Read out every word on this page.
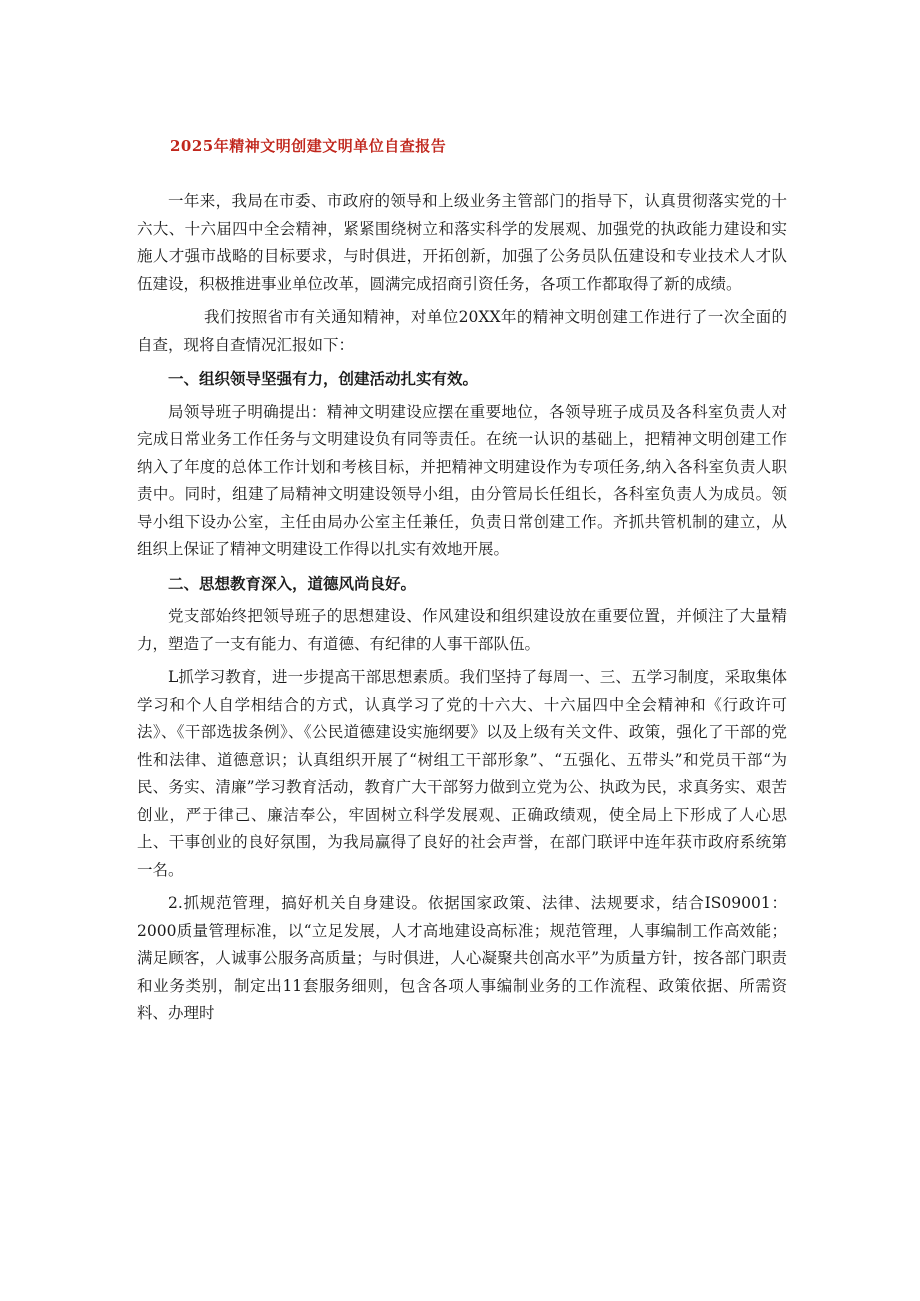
2025年精神文明创建文明单位自查报告

一年来，我局在市委、市政府的领导和上级业务主管部门的指导下，认真贯彻落实党的十六大、十六届四中全会精神，紧紧围绕树立和落实科学的发展观、加强党的执政能力建设和实施人才强市战略的目标要求，与时俱进，开拓创新，加强了公务员队伍建设和专业技术人才队伍建设，积极推进事业单位改革，圆满完成招商引资任务，各项工作都取得了新的成绩。

我们按照省市有关通知精神，对单位20XX年的精神文明创建工作进行了一次全面的自查，现将自查情况汇报如下：

一、组织领导坚强有力，创建活动扎实有效。

局领导班子明确提出：精神文明建设应摆在重要地位，各领导班子成员及各科室负责人对完成日常业务工作任务与文明建设负有同等责任。在统一认识的基础上，把精神文明创建工作纳入了年度的总体工作计划和考核目标，并把精神文明建设作为专项任务,纳入各科室负责人职责中。同时，组建了局精神文明建设领导小组，由分管局长任组长，各科室负责人为成员。领导小组下设办公室，主任由局办公室主任兼任，负责日常创建工作。齐抓共管机制的建立，从组织上保证了精神文明建设工作得以扎实有效地开展。

二、思想教育深入，道德风尚良好。

党支部始终把领导班子的思想建设、作风建设和组织建设放在重要位置，并倾注了大量精力，塑造了一支有能力、有道德、有纪律的人事干部队伍。

L抓学习教育，进一步提高干部思想素质。我们坚持了每周一、三、五学习制度，采取集体学习和个人自学相结合的方式，认真学习了党的十六大、十六届四中全会精神和《行政许可法》、《干部选拔条例》、《公民道德建设实施纲要》以及上级有关文件、政策，强化了干部的党性和法律、道德意识；认真组织开展了“树组工干部形象”、“五强化、五带头”和党员干部“为民、务实、清廉”学习教育活动，教育广大干部努力做到立党为公、执政为民，求真务实、艰苦创业，严于律己、廉洁奉公，牢固树立科学发展观、正确政绩观，使全局上下形成了人心思上、干事创业的良好氛围，为我局赢得了良好的社会声誉，在部门联评中连年获市政府系统第一名。

2.抓规范管理，搞好机关自身建设。依据国家政策、法律、法规要求，结合IS09001：2000质量管理标准，以“立足发展，人才高地建设高标准；规范管理，人事编制工作高效能；满足顾客，人诚事公服务高质量；与时俱进，人心凝聚共创高水平”为质量方针，按各部门职责和业务类别，制定出11套服务细则，包含各项人事编制业务的工作流程、政策依据、所需资料、办理时
